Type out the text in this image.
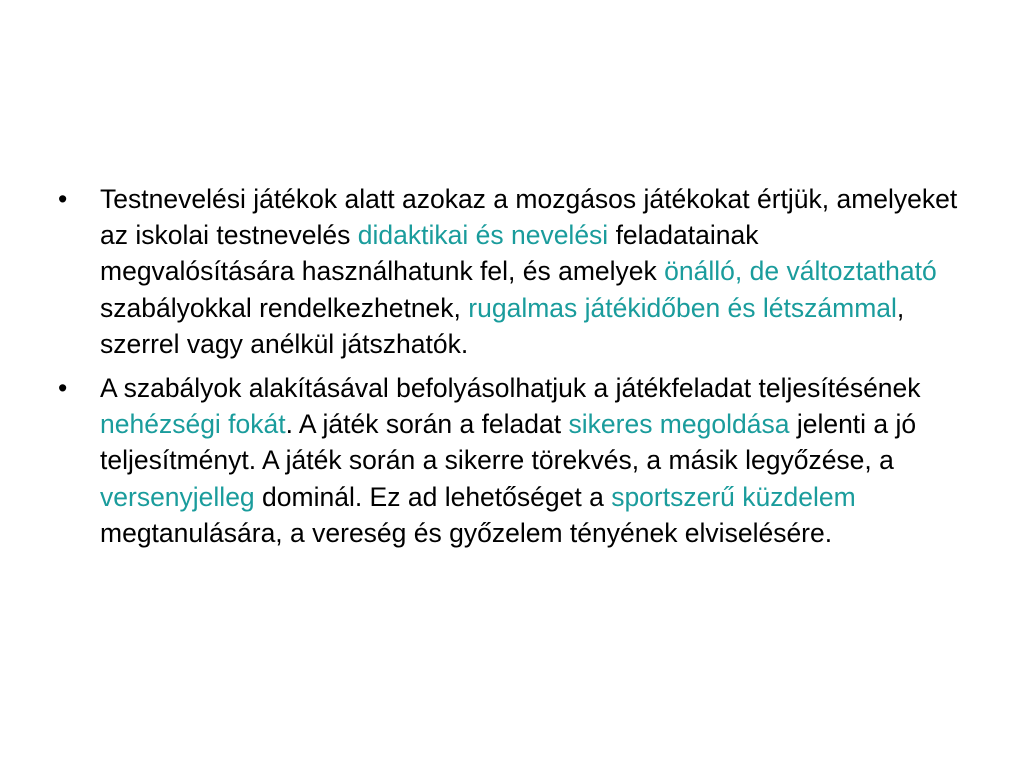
• Testnevelési játékok alatt azokaz a mozgásos játékokat értjük, amelyeket az iskolai testnevelés didaktikai és nevelési feladatainak megvalósítására használhatunk fel, és amelyek önálló, de változtatható szabályokkal rendelkezhetnek, rugalmas játékidőben és létszámmal, szerrel vagy anélkül játszhatók.
• A szabályok alakításával befolyásolhatjuk a játékfeladat teljesítésének nehézségi fokát. A játék során a feladat sikeres megoldása jelenti a jó teljesítményt. A játék során a sikerre törekvés, a másik legyőzése, a versenyjelleg dominál. Ez ad lehetőséget a sportszerű küzdelem megtanulására, a vereség és győzelem tényének elviselésére.
